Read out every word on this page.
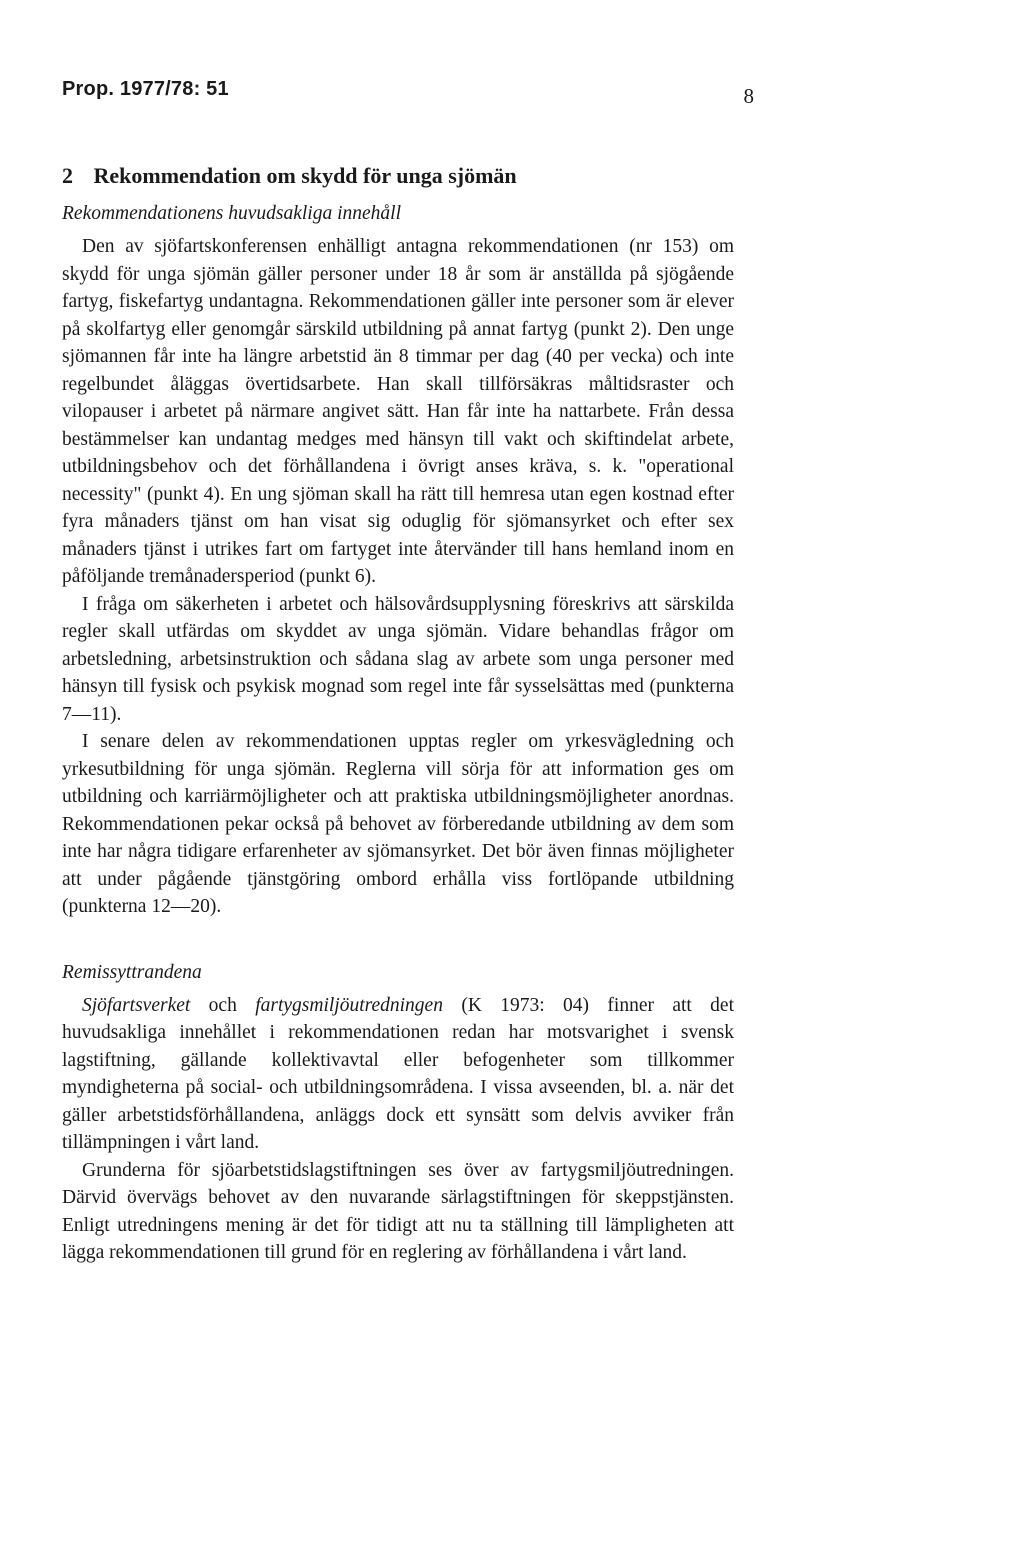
Prop. 1977/78: 51	8
2 Rekommendation om skydd för unga sjömän
Rekommendationens huvudsakliga innehåll

Den av sjöfartskonferensen enhälligt antagna rekommendationen (nr 153) om skydd för unga sjömän gäller personer under 18 år som är anställda på sjögående fartyg, fiskefartyg undantagna. Rekommendationen gäller inte personer som är elever på skolfartyg eller genomgår särskild utbildning på annat fartyg (punkt 2). Den unge sjömannen får inte ha längre arbetstid än 8 timmar per dag (40 per vecka) och inte regelbundet åläggas övertidsarbete. Han skall tillförsäkras måltidsraster och vilopauser i arbetet på närmare angivet sätt. Han får inte ha nattarbete. Från dessa bestämmelser kan undantag medges med hänsyn till vakt och skiftindelat arbete, utbildningsbehov och det förhållandena i övrigt anses kräva, s. k. "operational necessity" (punkt 4). En ung sjöman skall ha rätt till hemresa utan egen kostnad efter fyra månaders tjänst om han visat sig oduglig för sjömansyrket och efter sex månaders tjänst i utrikes fart om fartyget inte återvänder till hans hemland inom en påföljande tremånadersperiod (punkt 6).

I fråga om säkerheten i arbetet och hälsovårdsupplysning föreskrivs att särskilda regler skall utfärdas om skyddet av unga sjömän. Vidare behandlas frågor om arbetsledning, arbetsinstruktion och sådana slag av arbete som unga personer med hänsyn till fysisk och psykisk mognad som regel inte får sysselsättas med (punkterna 7—11).

I senare delen av rekommendationen upptas regler om yrkesvägledning och yrkesutbildning för unga sjömän. Reglerna vill sörja för att information ges om utbildning och karriärmöjligheter och att praktiska utbildningsmöjligheter anordnas. Rekommendationen pekar också på behovet av förberedande utbildning av dem som inte har några tidigare erfarenheter av sjömansyrket. Det bör även finnas möjligheter att under pågående tjänstgöring ombord erhålla viss fortlöpande utbildning (punkterna 12—20).

Remissyttrandena

Sjöfartsverket och fartygsmiljöutredningen (K 1973: 04) finner att det huvudsakliga innehållet i rekommendationen redan har motsvarighet i svensk lagstiftning, gällande kollektivavtal eller befogenheter som tillkommer myndigheterna på social- och utbildningsområdena. I vissa avseenden, bl. a. när det gäller arbetstidsförhållandena, anläggs dock ett synsätt som delvis avviker från tillämpningen i vårt land.

Grunderna för sjöarbetstidslagstiftningen ses över av fartygsmiljöutredningen. Därvid övervägs behovet av den nuvarande särlagstiftningen för skeppstjänsten. Enligt utredningens mening är det för tidigt att nu ta ställning till lämpligheten att lägga rekommendationen till grund för en reglering av förhållandena i vårt land.
